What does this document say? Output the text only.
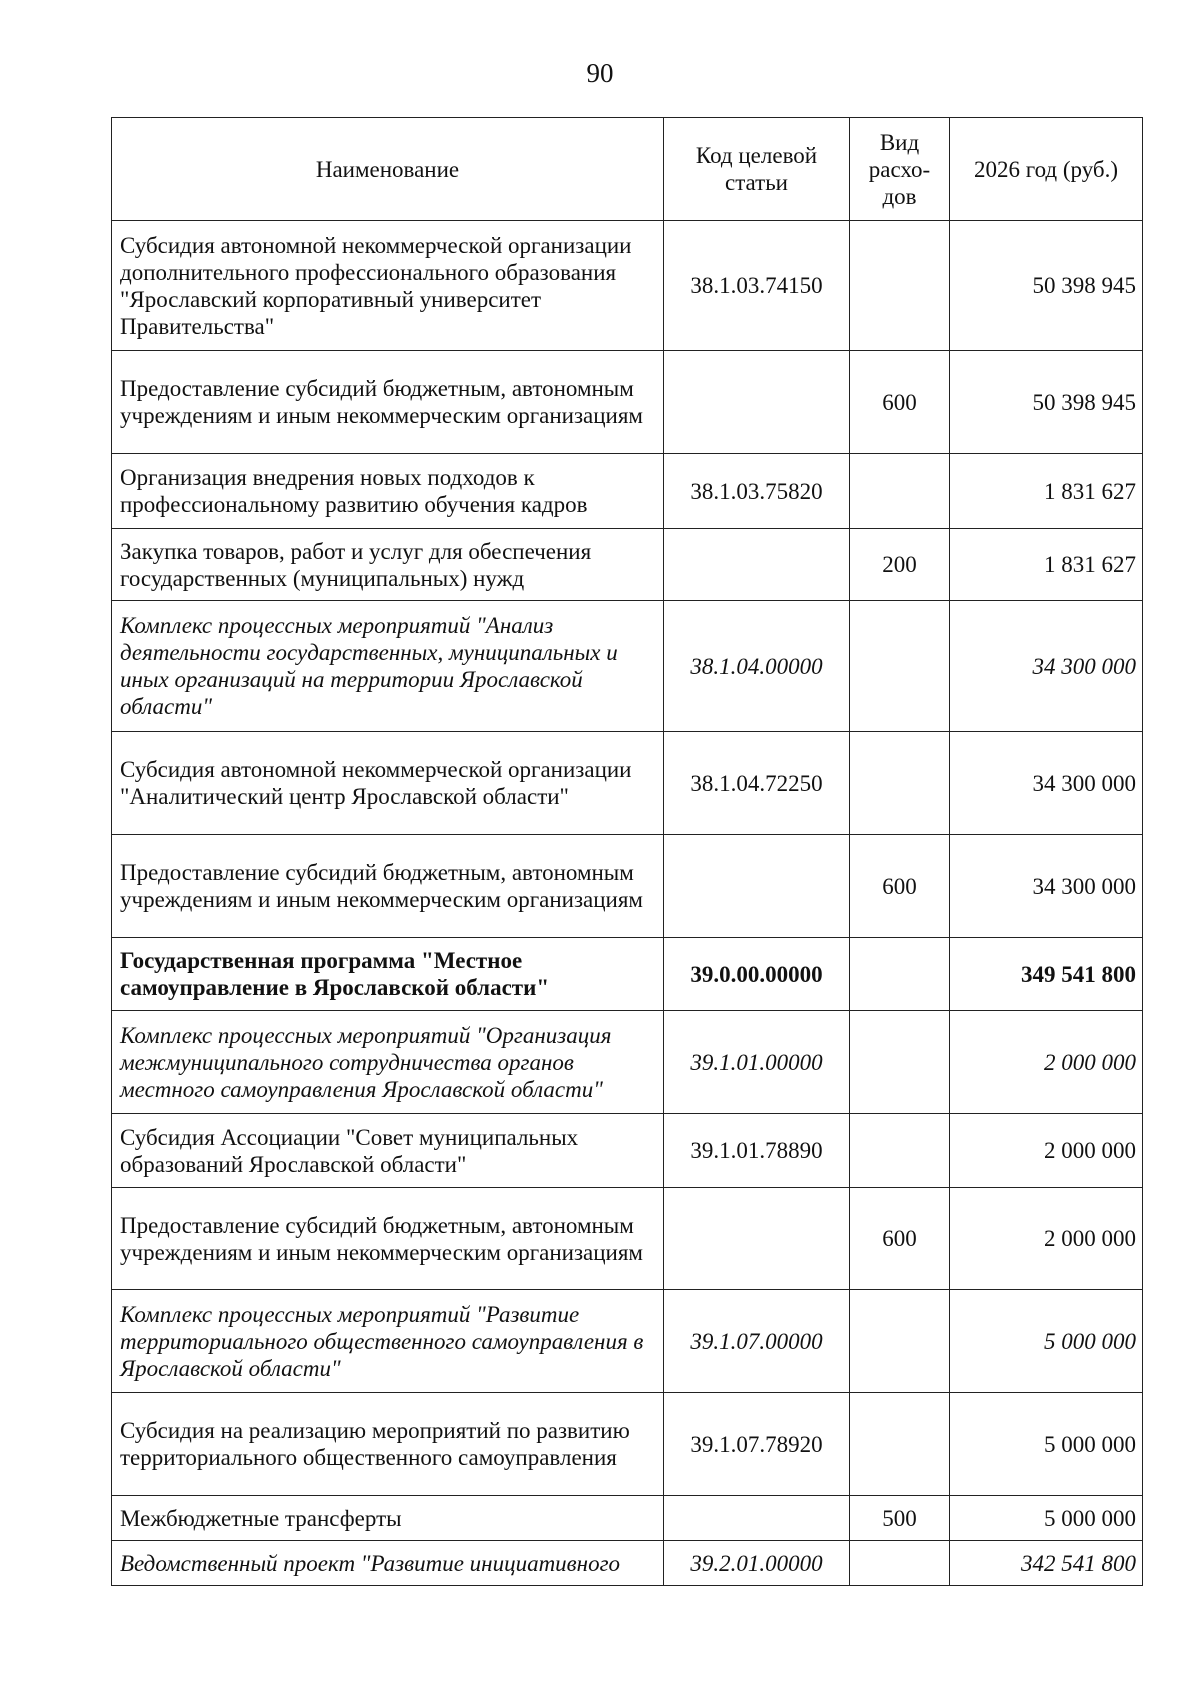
90
Наименование	Код целевой статьи	Вид расхо-дов	2026 год (руб.)
Субсидия автономной некоммерческой организации дополнительного профессионального образования "Ярославский корпоративный университет Правительства"	38.1.03.74150		50 398 945
Предоставление субсидий бюджетным, автономным учреждениям и иным некоммерческим организациям		600	50 398 945
Организация внедрения новых подходов к профессиональному развитию обучения кадров	38.1.03.75820		1 831 627
Закупка товаров, работ и услуг для обеспечения государственных (муниципальных) нужд		200	1 831 627
Комплекс процессных мероприятий "Анализ деятельности государственных, муниципальных и иных организаций на территории Ярославской области"	38.1.04.00000		34 300 000
Субсидия автономной некоммерческой организации "Аналитический центр Ярославской области"	38.1.04.72250		34 300 000
Предоставление субсидий бюджетным, автономным учреждениям и иным некоммерческим организациям		600	34 300 000
Государственная программа "Местное самоуправление в Ярославской области"	39.0.00.00000		349 541 800
Комплекс процессных мероприятий "Организация межмуниципального сотрудничества органов местного самоуправления Ярославской области"	39.1.01.00000		2 000 000
Субсидия Ассоциации "Совет муниципальных образований Ярославской области"	39.1.01.78890		2 000 000
Предоставление субсидий бюджетным, автономным учреждениям и иным некоммерческим организациям		600	2 000 000
Комплекс процессных мероприятий "Развитие территориального общественного самоуправления в Ярославской области"	39.1.07.00000		5 000 000
Субсидия на реализацию мероприятий по развитию территориального общественного самоуправления	39.1.07.78920		5 000 000
Межбюджетные трансферты		500	5 000 000
Ведомственный проект "Развитие инициативного	39.2.01.00000		342 541 800
